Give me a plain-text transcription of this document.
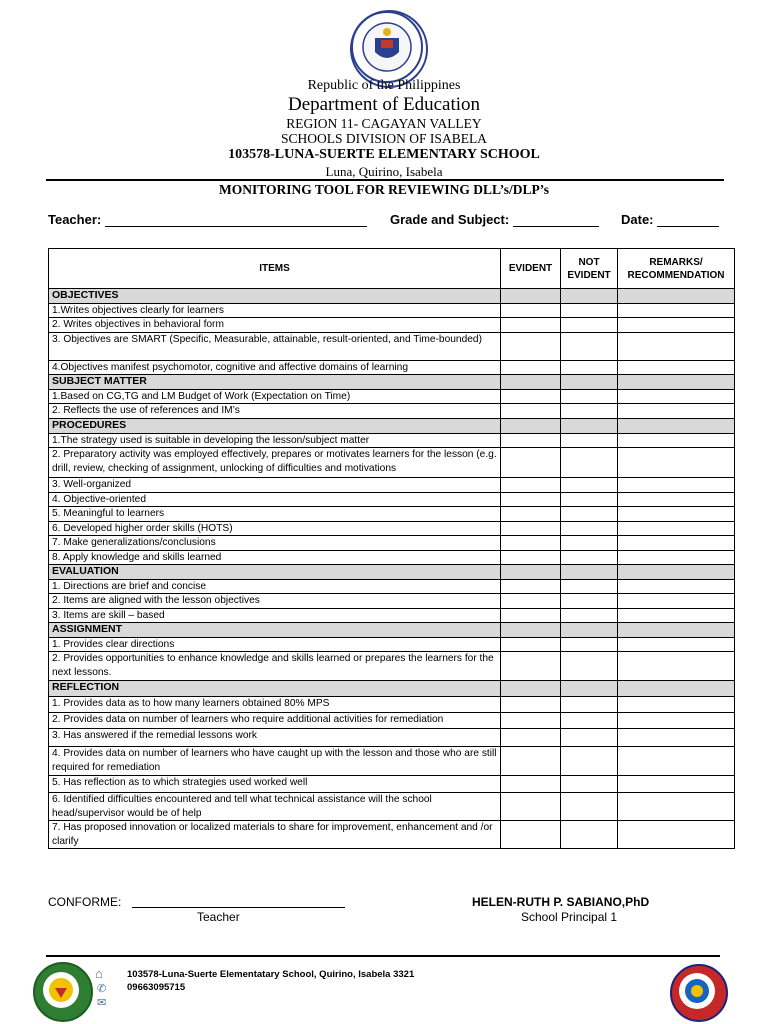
Republic of the Philippines
Department of Education
REGION 11- CAGAYAN VALLEY
SCHOOLS DIVISION OF ISABELA
103578-LUNA-SUERTE ELEMENTARY SCHOOL
Luna, Quirino, Isabela
MONITORING TOOL FOR REVIEWING DLL’s/DLP’s
Teacher:	Grade and Subject:	Date:
ITEMS	EVIDENT	NOT EVIDENT	REMARKS/ RECOMMENDATION
OBJECTIVES			
1.Writes objectives clearly for learners			
2. Writes objectives in behavioral form			
3. Objectives are SMART (Specific, Measurable, attainable, result-oriented, and Time-bounded)			
4.Objectives manifest psychomotor, cognitive and affective domains of learning			
SUBJECT MATTER			
1.Based on CG,TG and LM Budget of Work (Expectation on Time)			
2. Reflects the use of references and IM’s			
PROCEDURES			
1.The strategy used is suitable in developing the lesson/subject matter			
2. Preparatory activity was employed effectively, prepares or motivates learners for the lesson (e.g. drill, review, checking of assignment, unlocking of difficulties and motivations			
3. Well-organized			
4. Objective-oriented			
5. Meaningful to learners			
6. Developed higher order skills (HOTS)			
7. Make generalizations/conclusions			
8. Apply knowledge and skills learned			
EVALUATION			
1. Directions are brief and concise			
2. Items are aligned with the lesson objectives			
3. Items are skill – based			
ASSIGNMENT			
1. Provides clear directions			
2. Provides opportunities to enhance knowledge and skills learned or prepares the learners for the next lessons.			
REFLECTION			
1. Provides data as to how many learners obtained 80% MPS			
2. Provides data on number of learners who require additional activities for remediation			
3. Has answered if the remedial lessons work			
4. Provides data on number of learners who have caught up with the lesson and those who are still required for remediation			
5. Has reflection as to which strategies used worked well			
6. Identified difficulties encountered and tell what technical assistance will the school head/supervisor would be of help			
7. Has proposed innovation or localized materials to share for improvement, enhancement and /or clarify			
CONFORME:
Teacher
HELEN-RUTH P. SABIANO,PhD
School Principal 1
⌂
✆
✉
103578-Luna-Suerte Elementatary School, Quirino, Isabela 3321
09663095715
